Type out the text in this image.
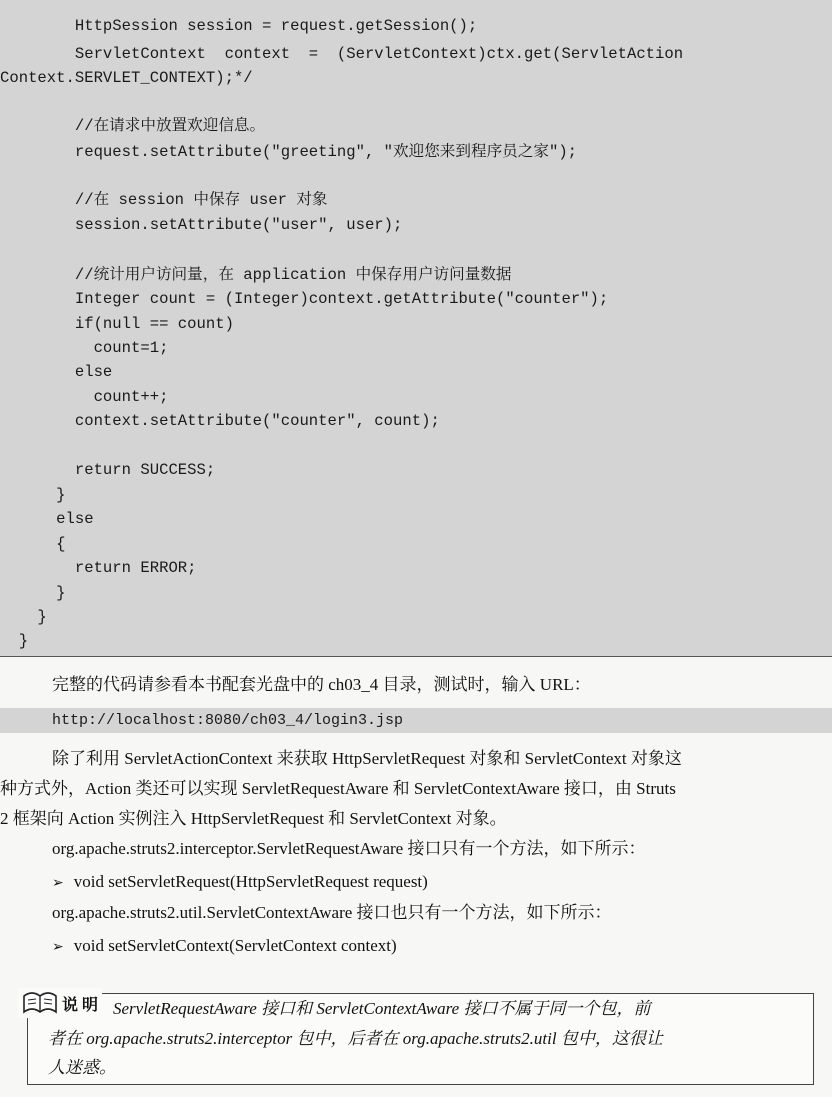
HttpSession session = request.getSession();
ServletContext  context  =  (ServletContext)ctx.get(ServletAction
Context.SERVLET_CONTEXT);*/
//在请求中放置欢迎信息。
request.setAttribute("greeting", "欢迎您来到程序员之家");
//在 session 中保存 user 对象
session.setAttribute("user", user);
//统计用户访问量，在 application 中保存用户访问量数据
Integer count = (Integer)context.getAttribute("counter");
if(null == count)
count=1;
else
count++;
context.setAttribute("counter", count);
return SUCCESS;
}
else
{
return ERROR;
}
}
}
完整的代码请参看本书配套光盘中的 ch03_4 目录，测试时，输入 URL：
http://localhost:8080/ch03_4/login3.jsp
除了利用 ServletActionContext 来获取 HttpServletRequest 对象和 ServletContext 对象这
种方式外，Action 类还可以实现 ServletRequestAware 和 ServletContextAware 接口，由 Struts
2 框架向 Action 实例注入 HttpServletRequest 和 ServletContext 对象。
org.apache.struts2.interceptor.ServletRequestAware 接口只有一个方法，如下所示：
➢ void setServletRequest(HttpServletRequest request)
org.apache.struts2.util.ServletContextAware 接口也只有一个方法，如下所示：
➢ void setServletContext(ServletContext context)
说明 ServletRequestAware 接口和 ServletContextAware 接口不属于同一个包，前
者在 org.apache.struts2.interceptor 包中，后者在 org.apache.struts2.util 包中，这很让
人迷惑。
